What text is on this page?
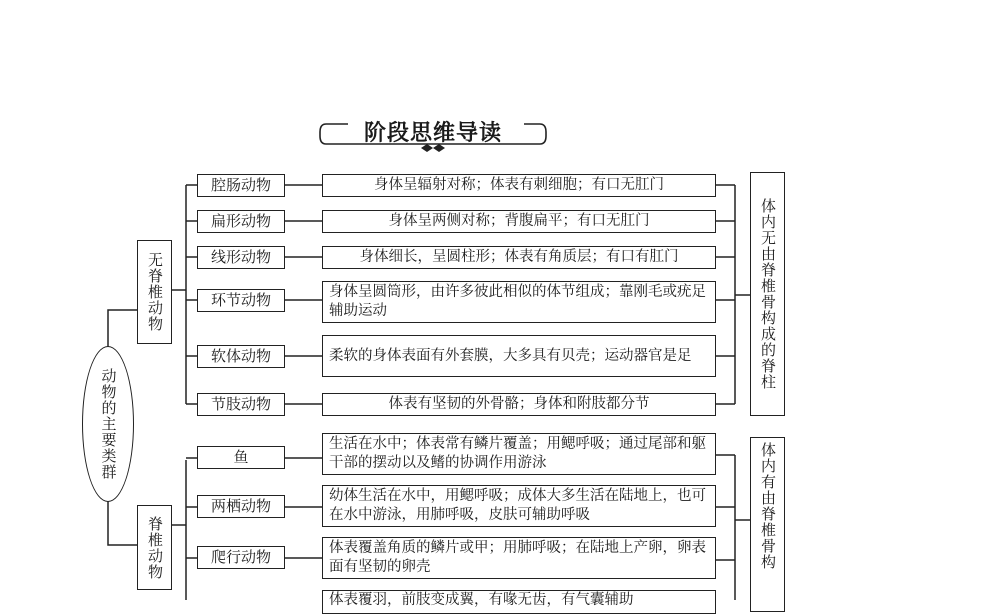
阶段思维导读
动物的主要类群
无脊椎动物
腔肠动物
扁形动物
线形动物
环节动物
软体动物
节肢动物
身体呈辐射对称；体表有刺细胞；有口无肛门
身体呈两侧对称；背腹扁平；有口无肛门
身体细长，呈圆柱形；体表有角质层；有口有肛门
身体呈圆筒形，由许多彼此相似的体节组成；靠刚毛或疣足辅助运动
柔软的身体表面有外套膜，大多具有贝壳；运动器官是足
体表有坚韧的外骨骼；身体和附肢都分节
体内无由脊椎骨构成的脊柱
脊椎动物
鱼
两栖动物
爬行动物
生活在水中；体表常有鳞片覆盖；用鳃呼吸；通过尾部和躯干部的摆动以及鳍的协调作用游泳
幼体生活在水中，用鳃呼吸；成体大多生活在陆地上，也可在水中游泳，用肺呼吸，皮肤可辅助呼吸
体表覆盖角质的鳞片或甲；用肺呼吸；在陆地上产卵，卵表面有坚韧的卵壳
体表覆羽，前肢变成翼，有喙无齿，有气囊辅助
体内有由脊椎骨构
